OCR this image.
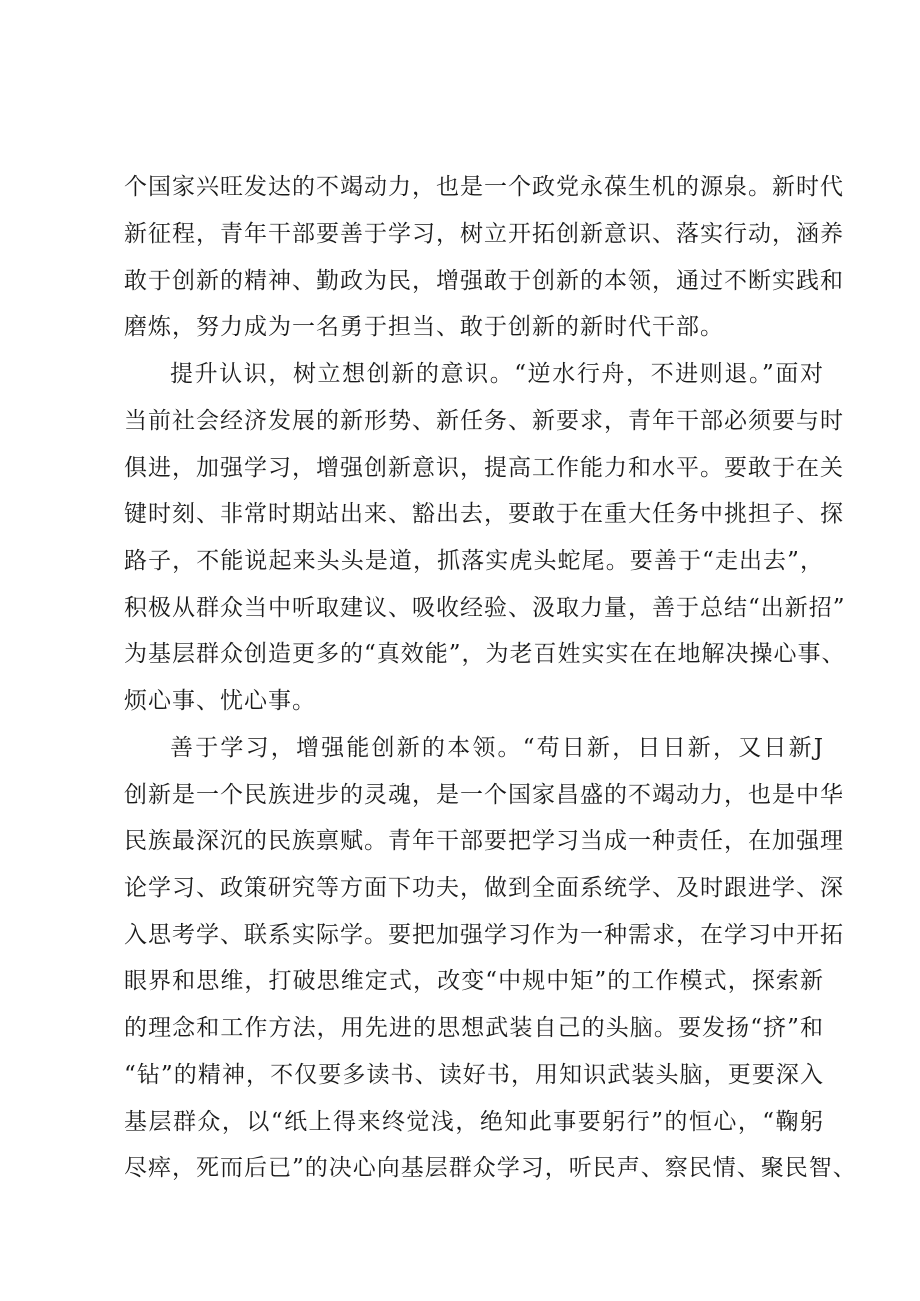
个国家兴旺发达的不竭动力，也是一个政党永葆生机的源泉。新时代
新征程，青年干部要善于学习，树立开拓创新意识、落实行动，涵养
敢于创新的精神、勤政为民，增强敢于创新的本领，通过不断实践和
磨炼，努力成为一名勇于担当、敢于创新的新时代干部。
提升认识，树立想创新的意识。“逆水行舟，不进则退。”面对
当前社会经济发展的新形势、新任务、新要求，青年干部必须要与时
俱进，加强学习，增强创新意识，提高工作能力和水平。要敢于在关
键时刻、非常时期站出来、豁出去，要敢于在重大任务中挑担子、探
路子，不能说起来头头是道，抓落实虎头蛇尾。要善于“走出去”，
积极从群众当中听取建议、吸收经验、汲取力量，善于总结“出新招”
为基层群众创造更多的“真效能”，为老百姓实实在在地解决操心事、
烦心事、忧心事。
善于学习，增强能创新的本领。“苟日新，日日新，又日新J
创新是一个民族进步的灵魂，是一个国家昌盛的不竭动力，也是中华
民族最深沉的民族禀赋。青年干部要把学习当成一种责任，在加强理
论学习、政策研究等方面下功夫，做到全面系统学、及时跟进学、深
入思考学、联系实际学。要把加强学习作为一种需求，在学习中开拓
眼界和思维，打破思维定式，改变“中规中矩”的工作模式，探索新
的理念和工作方法，用先进的思想武装自己的头脑。要发扬“挤”和
“钻”的精神，不仅要多读书、读好书，用知识武装头脑，更要深入
基层群众，以“纸上得来终觉浅，绝知此事要躬行”的恒心，“鞠躬
尽瘁，死而后已”的决心向基层群众学习，听民声、察民情、聚民智、
